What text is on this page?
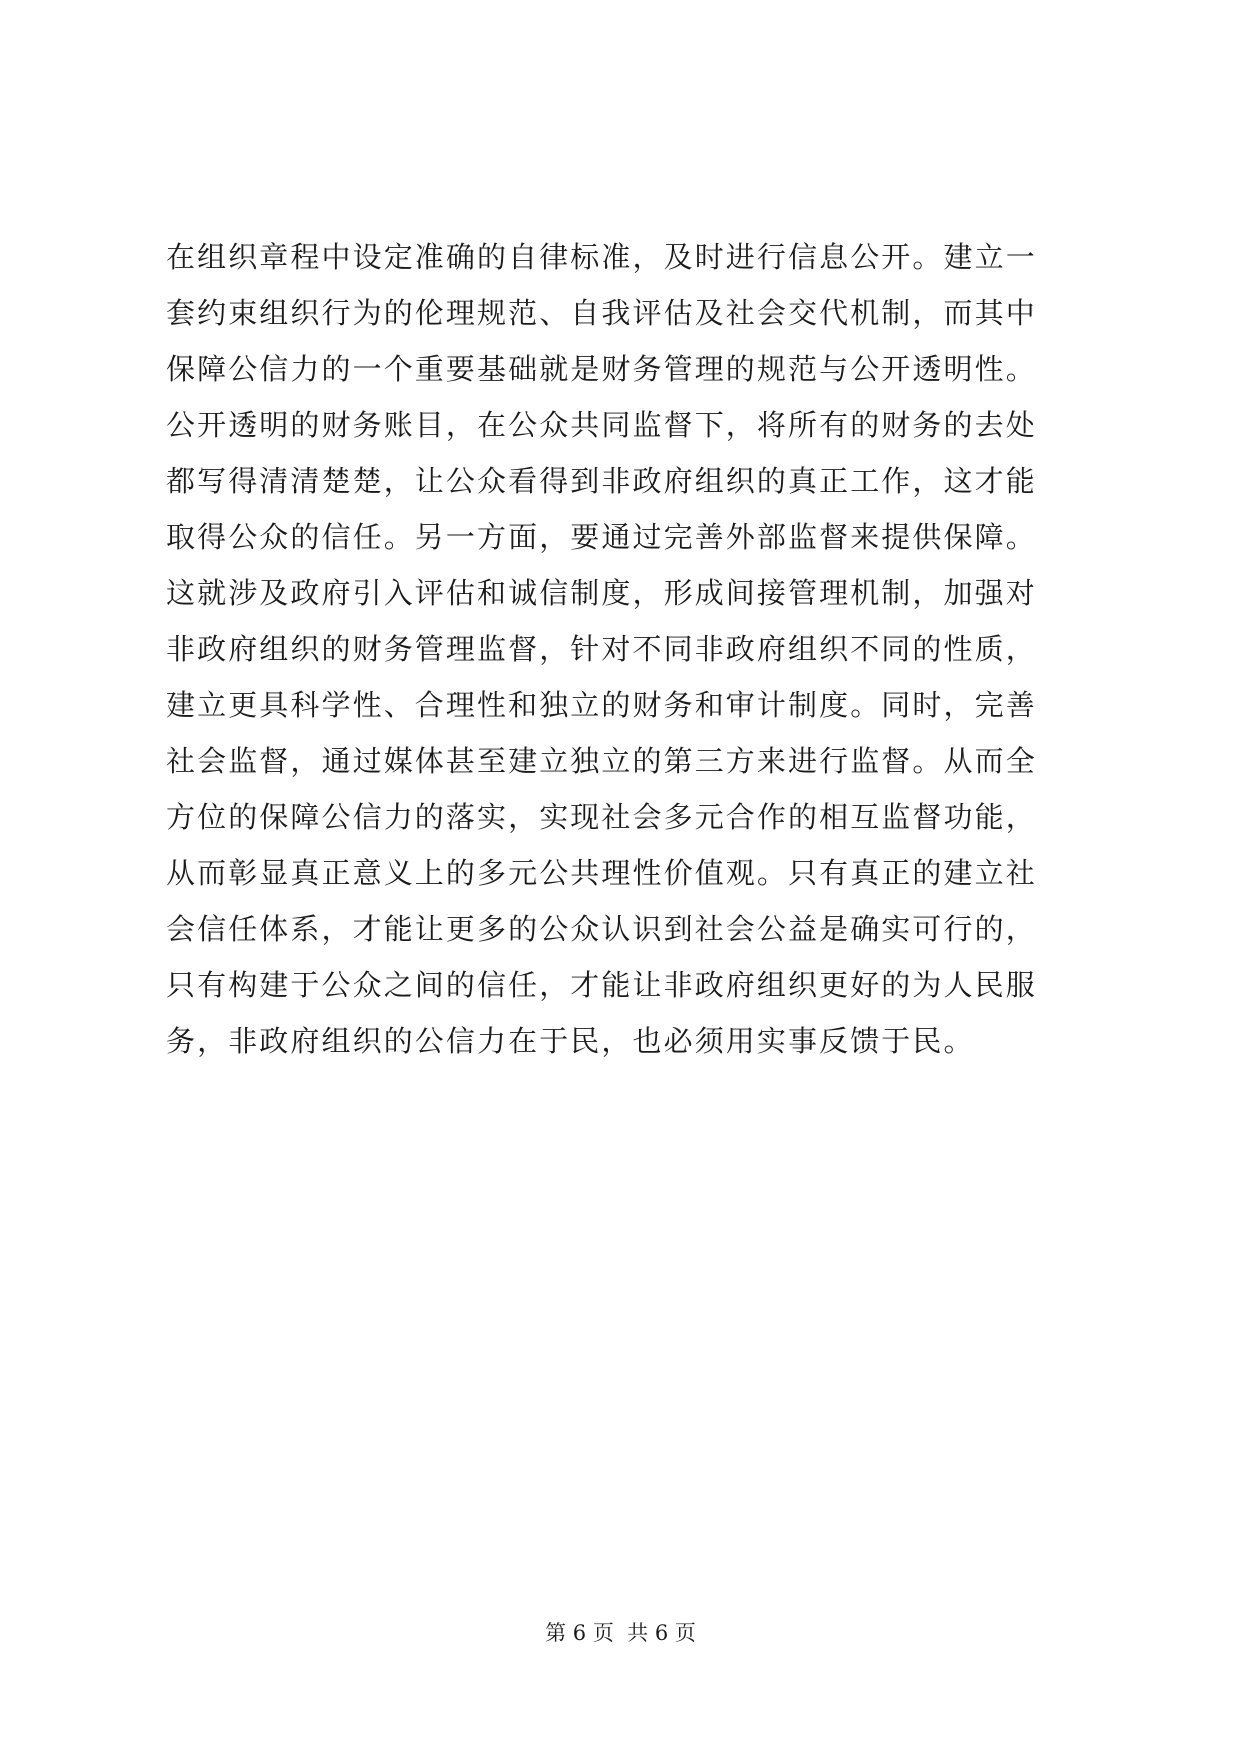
在组织章程中设定准确的自律标准，及时进行信息公开。建立一
套约束组织行为的伦理规范、自我评估及社会交代机制，而其中
保障公信力的一个重要基础就是财务管理的规范与公开透明性。
公开透明的财务账目，在公众共同监督下，将所有的财务的去处
都写得清清楚楚，让公众看得到非政府组织的真正工作，这才能
取得公众的信任。另一方面，要通过完善外部监督来提供保障。
这就涉及政府引入评估和诚信制度，形成间接管理机制，加强对
非政府组织的财务管理监督，针对不同非政府组织不同的性质，
建立更具科学性、合理性和独立的财务和审计制度。同时，完善
社会监督，通过媒体甚至建立独立的第三方来进行监督。从而全
方位的保障公信力的落实，实现社会多元合作的相互监督功能，
从而彰显真正意义上的多元公共理性价值观。只有真正的建立社
会信任体系，才能让更多的公众认识到社会公益是确实可行的，
只有构建于公众之间的信任，才能让非政府组织更好的为人民服
务，非政府组织的公信力在于民，也必须用实事反馈于民。
第 6 页  共 6 页
